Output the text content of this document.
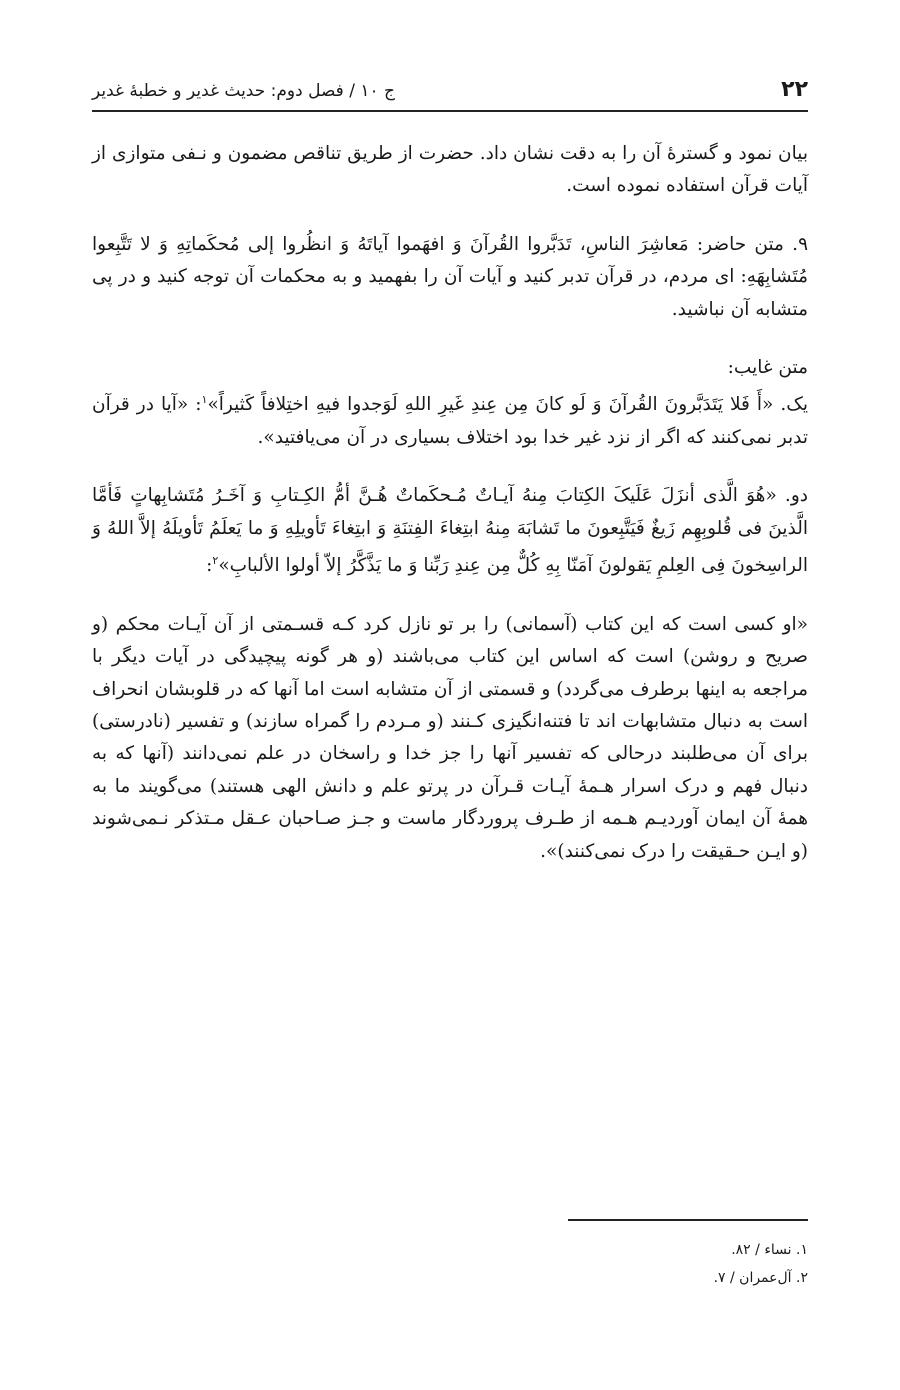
۲۲
ج ۱۰ / فصل دوم: حدیث غدیر و خطبهٔ غدیر

بیان نمود و گسترهٔ آن را به دقت نشان داد. حضرت از طریق تناقص مضمون و نـفی متوازی از آیات قرآن استفاده نموده است.

۹. متن حاضر: مَعاشِرَ الناسِ، تَدَبَّروا القُرآنَ وَ افهَموا آیاتَهُ وَ انظُروا إلی مُحکَماتِهِ وَ لا تَتَّبِعوا مُتَشابِهَهِ: ای مردم، در قرآن تدبر کنید و آیات آن را بفهمید و به محکمات آن توجه کنید و در پی متشابه آن نباشید.

متن غایب:
یک. «أَ فَلا یَتَدَبَّرونَ القُرآنَ وَ لَو کانَ مِن عِندِ غَیرِ اللهِ لَوَجدوا فیهِ اختِلافاً کَثیراً»$^۱$: «آیا در قرآن تدبر نمی‌کنند که اگر از نزد غیر خدا بود اختلاف بسیاری در آن می‌یافتید».

دو. «هُوَ الَّذی أنزَلَ عَلَیکَ الکِتابَ مِنهُ آیـاتٌ مُـحکَماتٌ هُـنَّ أمُّ الکِـتابِ وَ آخَـرُ مُتَشابِهاتٍ فَأمَّا الَّذینَ فی قُلوبِهِم زَیغٌ فَیَتَّبِعونَ ما تَشابَهَ مِنهُ ابتِغاءَ الفِتنَةِ وَ ابتِغاءَ تَأویلِهِ وَ ما یَعلَمُ تَأویلَهُ إلاَّ اللهُ وَ الراسِخونَ فِی العِلمِ یَقولونَ آمَنّا بِهِ کُلٌّ مِن عِندِ رَبِّنا وَ ما یَذَّکَّرُ إلاّ أولوا الألبابِ»$^۲$:

«او کسی است که این کتاب (آسمانی) را بر تو نازل کرد کـه قسـمتی از آن آیـات محکم (و صریح و روشن) است که اساس این کتاب می‌باشند (و هر گونه پیچیدگی در آیات دیگر با مراجعه به اینها برطرف می‌گردد) و قسمتی از آن متشابه است اما آنها که در قلوبشان انحراف است به دنبال متشابهات اند تا فتنه‌انگیزی کـنند (و مـردم را گمراه سازند) و تفسیر (نادرستی) برای آن می‌طلبند درحالی که تفسیر آنها را جز خدا و راسخان در علم نمی‌دانند (آنها که به دنبال فهم و درک اسرار هـمهٔ آیـات قـرآن در پرتو علم و دانش الهی هستند) می‌گویند ما به همهٔ آن ایمان آوردیـم هـمه از طـرف پروردگار ماست و جـز صـاحبان عـقل مـتذکر نـمی‌شوند (و ایـن حـقیقت را درک نمی‌کنند)».

۱. نساء / ۸۲.

۲. آل‌عمران / ۷.
